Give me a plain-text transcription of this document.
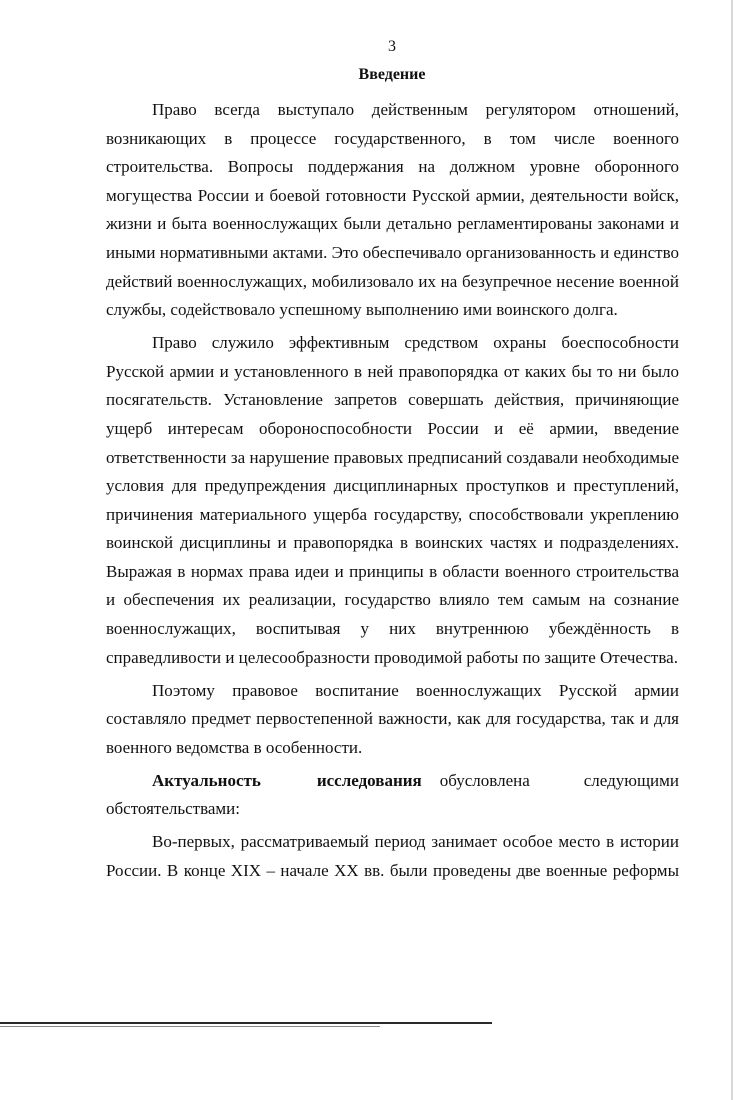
3
Введение

Право всегда выступало действенным регулятором отношений, возникающих в процессе государственного, в том числе военного строительства. Вопросы поддержания на должном уровне оборонного могущества России и боевой готовности Русской армии, деятельности войск, жизни и быта военнослужащих были детально регламентированы законами и иными нормативными актами. Это обеспечивало организованность и единство действий военнослужащих, мобилизовало их на безупречное несение военной службы, содействовало успешному выполнению ими воинского долга.

Право служило эффективным средством охраны боеспособности Русской армии и установленного в ней правопорядка от каких бы то ни было посягательств. Установление запретов совершать действия, причиняющие ущерб интересам обороноспособности России и её армии, введение ответственности за нарушение правовых предписаний создавали необходимые условия для предупреждения дисциплинарных проступков и преступлений, причинения материального ущерба государству, способствовали укреплению воинской дисциплины и правопорядка в воинских частях и подразделениях. Выражая в нормах права идеи и принципы в области военного строительства и обеспечения их реализации, государство влияло тем самым на сознание военнослужащих, воспитывая у них внутреннюю убеждённость в справедливости и целесообразности проводимой работы по защите Отечества.

Поэтому правовое воспитание военнослужащих Русской армии составляло предмет первостепенной важности, как для государства, так и для военного ведомства в особенности.

Актуальность исследования обусловлена следующими обстоятельствами:

Во-первых, рассматриваемый период занимает особое место в истории России. В конце XIX – начале XX вв. были проведены две военные реформы
